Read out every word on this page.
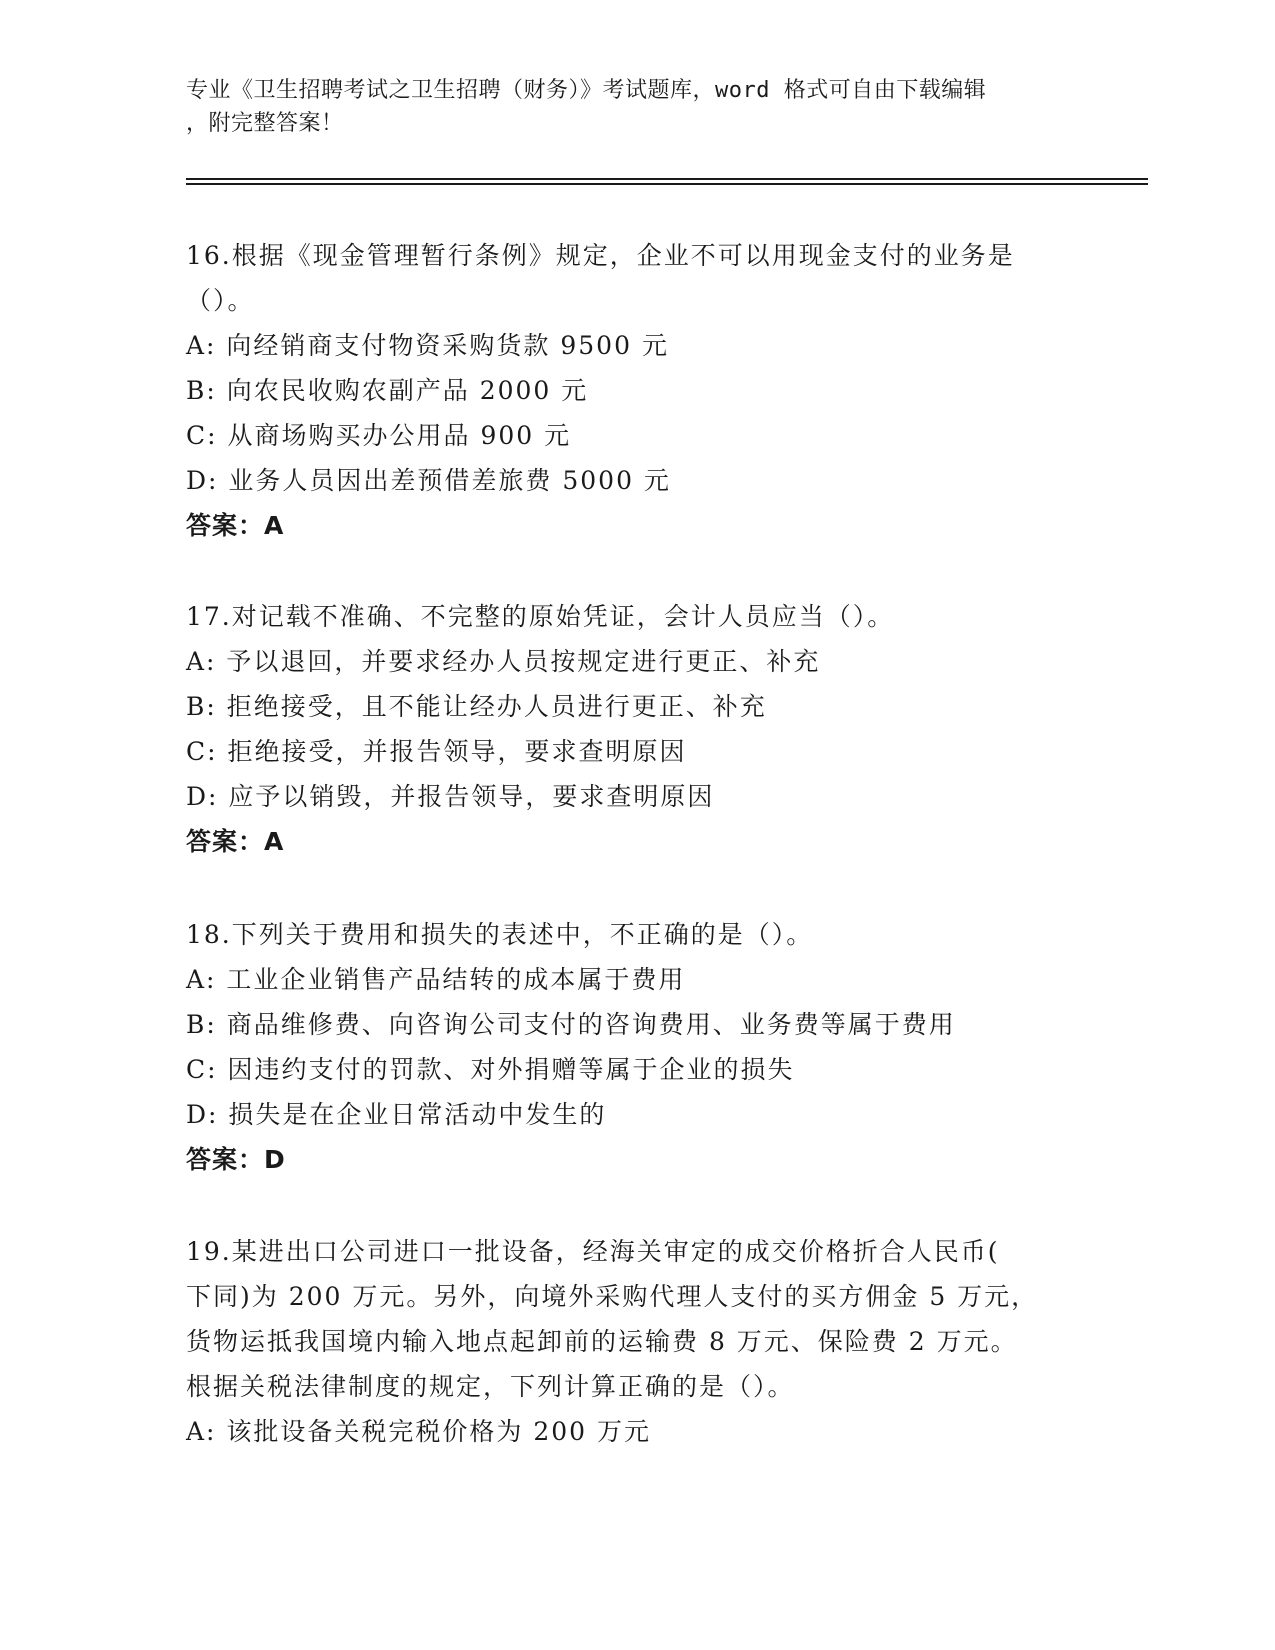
专业《卫生招聘考试之卫生招聘（财务）》考试题库，word 格式可自由下载编辑
，附完整答案！
16.根据《现金管理暂行条例》规定，企业不可以用现金支付的业务是
（）。
A: 向经销商支付物资采购货款 9500 元
B: 向农民收购农副产品 2000 元
C: 从商场购买办公用品 900 元
D: 业务人员因出差预借差旅费 5000 元
答案：A
17.对记载不准确、不完整的原始凭证，会计人员应当（）。
A: 予以退回，并要求经办人员按规定进行更正、补充
B: 拒绝接受，且不能让经办人员进行更正、补充
C: 拒绝接受，并报告领导，要求查明原因
D: 应予以销毁，并报告领导，要求查明原因
答案：A
18.下列关于费用和损失的表述中，不正确的是（）。
A: 工业企业销售产品结转的成本属于费用
B: 商品维修费、向咨询公司支付的咨询费用、业务费等属于费用
C: 因违约支付的罚款、对外捐赠等属于企业的损失
D: 损失是在企业日常活动中发生的
答案：D
19.某进出口公司进口一批设备，经海关审定的成交价格折合人民币(
下同)为 200 万元。另外，向境外采购代理人支付的买方佣金 5 万元，
货物运抵我国境内输入地点起卸前的运输费 8 万元、保险费 2 万元。
根据关税法律制度的规定，下列计算正确的是（）。
A: 该批设备关税完税价格为 200 万元
